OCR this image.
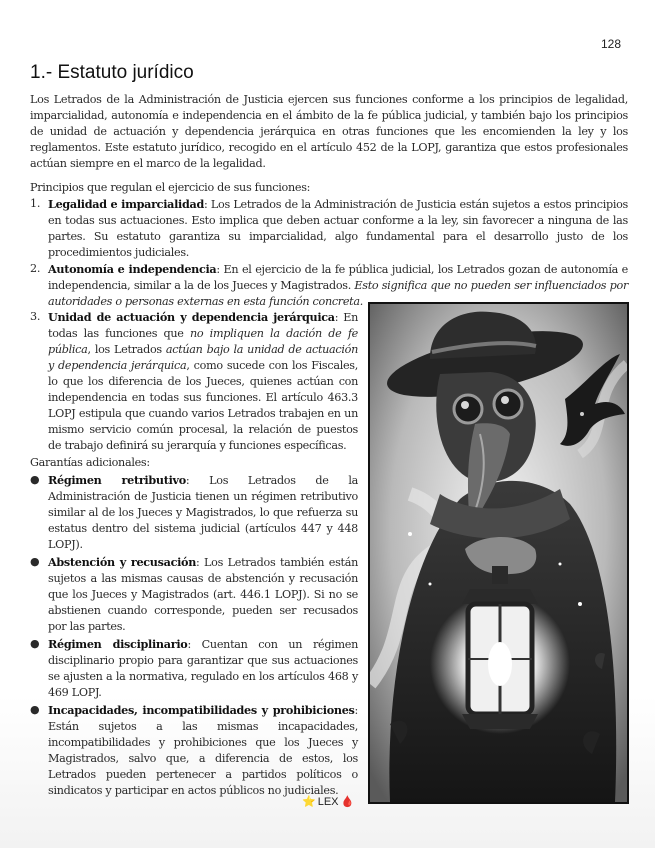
128
1.- Estatuto jurídico

Los Letrados de la Administración de Justicia ejercen sus funciones conforme a los principios de legalidad, imparcialidad, autonomía e independencia en el ámbito de la fe pública judicial, y también bajo los principios de unidad de actuación y dependencia jerárquica en otras funciones que les encomienden la ley y los reglamentos. Este estatuto jurídico, recogido en el artículo 452 de la LOPJ, garantiza que estos profesionales actúan siempre en el marco de la legalidad.

Principios que regulan el ejercicio de sus funciones:

1. Legalidad e imparcialidad: Los Letrados de la Administración de Justicia están sujetos a estos principios en todas sus actuaciones. Esto implica que deben actuar conforme a la ley, sin favorecer a ninguna de las partes. Su estatuto garantiza su imparcialidad, algo fundamental para el desarrollo justo de los procedimientos judiciales.
2. Autonomía e independencia: En el ejercicio de la fe pública judicial, los Letrados gozan de autonomía e independencia, similar a la de los Jueces y Magistrados. Esto significa que no pueden ser influenciados por autoridades o personas externas en esta función concreta.
3. Unidad de actuación y dependencia jerárquica: En todas las funciones que no impliquen la dación de fe pública, los Letrados actúan bajo la unidad de actuación y dependencia jerárquica, como sucede con los Fiscales, lo que los diferencia de los Jueces, quienes actúan con independencia en todas sus funciones. El artículo 463.3 LOPJ estipula que cuando varios Letrados trabajen en un mismo servicio común procesal, la relación de puestos de trabajo definirá su jerarquía y funciones específicas.

Garantías adicionales:

● Régimen retributivo: Los Letrados de la Administración de Justicia tienen un régimen retributivo similar al de los Jueces y Magistrados, lo que refuerza su estatus dentro del sistema judicial (artículos 447 y 448 LOPJ).
● Abstención y recusación: Los Letrados también están sujetos a las mismas causas de abstención y recusación que los Jueces y Magistrados (art. 446.1 LOPJ). Si no se abstienen cuando corresponde, pueden ser recusados por las partes.
● Régimen disciplinario: Cuentan con un régimen disciplinario propio para garantizar que sus actuaciones se ajusten a la normativa, regulado en los artículos 468 y 469 LOPJ.
● Incapacidades, incompatibilidades y prohibiciones: Están sujetos a las mismas incapacidades, incompatibilidades y prohibiciones que los Jueces y Magistrados, salvo que, a diferencia de estos, los Letrados pueden pertenecer a partidos políticos o sindicatos y participar en actos públicos no judiciales.
⭐ LEX 🩸
